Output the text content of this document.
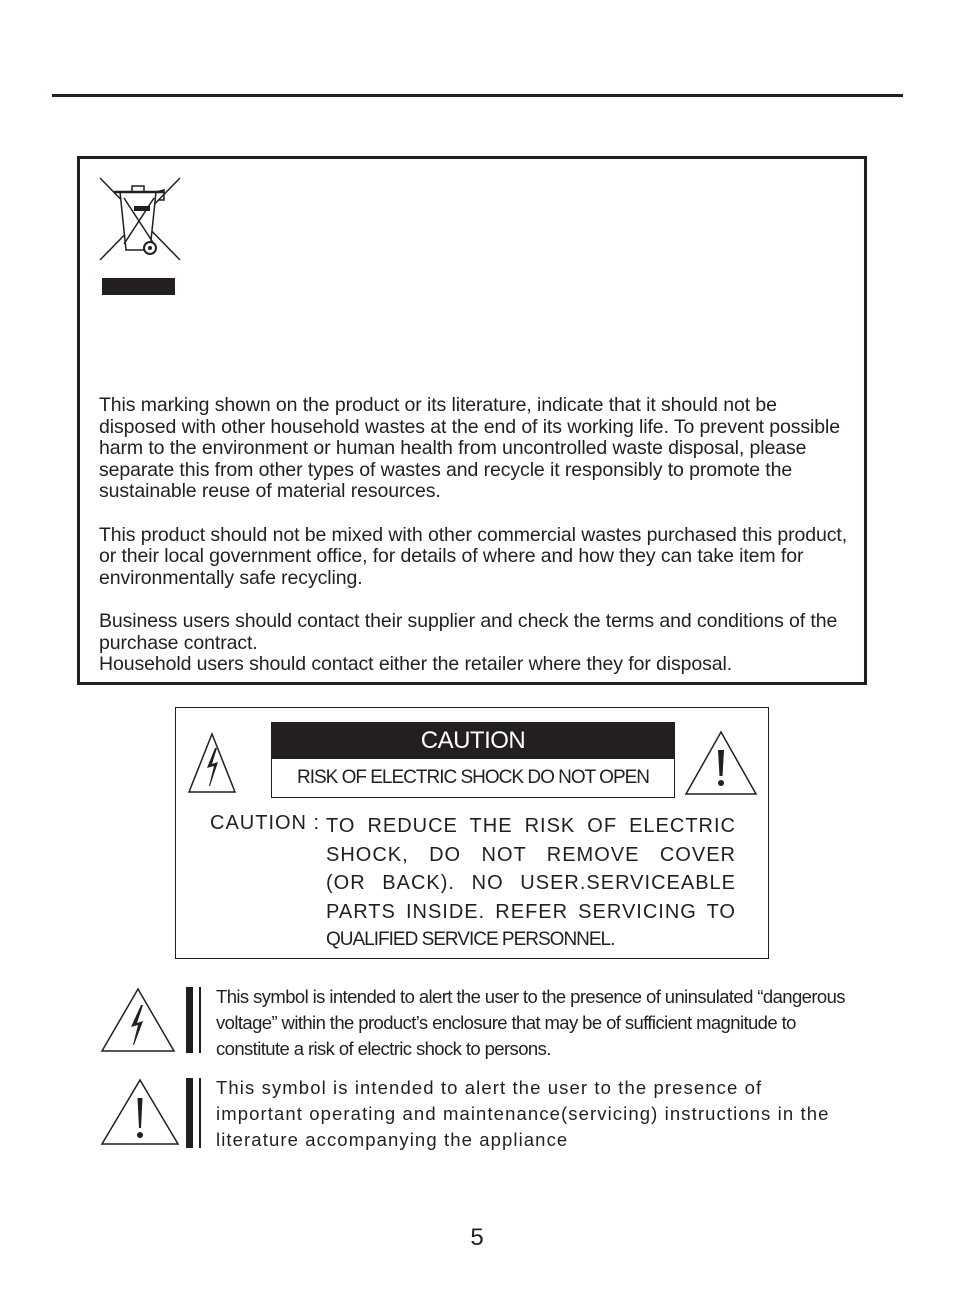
This marking shown on the product or its literature, indicate that it should not be disposed with other household wastes at the end of its working life. To prevent possible harm to the environment or human health from uncontrolled waste disposal, please separate this from other types of wastes and recycle it responsibly to promote the sustainable reuse of material resources.

This product should not be mixed with other commercial wastes purchased this product, or their local government office, for details of where and how they can take item for environmentally safe recycling.

Business users should contact their supplier and check the terms and conditions of the purchase contract.
Household users should contact either the retailer where they for disposal.

CAUTION
RISK OF ELECTRIC SHOCK DO NOT OPEN
CAUTION : TO REDUCE THE RISK OF ELECTRIC
SHOCK, DO NOT REMOVE COVER
(OR BACK). NO USER.SERVICEABLE
PARTS INSIDE. REFER SERVICING TO
QUALIFIED SERVICE PERSONNEL.
This symbol is intended to alert the user to the presence of uninsulated “dangerous voltage” within the product’s enclosure that may be of sufficient magnitude to constitute a risk of electric shock to persons.
This symbol is intended to alert the user to the presence of important operating and maintenance(servicing) instructions in the literature accompanying the appliance
5
